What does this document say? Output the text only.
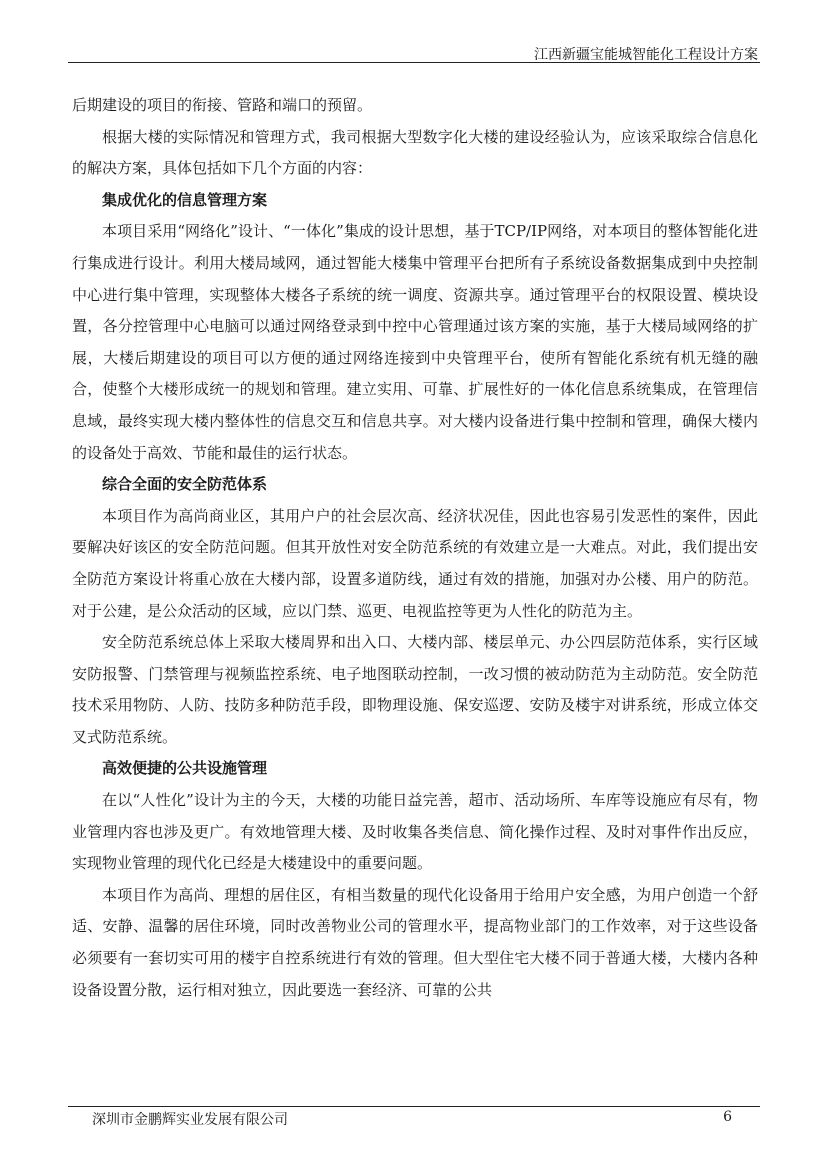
江西新疆宝能城智能化工程设计方案

后期建设的项目的衔接、管路和端口的预留。

根据大楼的实际情况和管理方式，我司根据大型数字化大楼的建设经验认为，应该采取综合信息化的解决方案，具体包括如下几个方面的内容：

集成优化的信息管理方案

本项目采用“网络化”设计、“一体化”集成的设计思想，基于TCP/IP网络，对本项目的整体智能化进行集成进行设计。利用大楼局域网，通过智能大楼集中管理平台把所有子系统设备数据集成到中央控制中心进行集中管理，实现整体大楼各子系统的统一调度、资源共享。通过管理平台的权限设置、模块设置，各分控管理中心电脑可以通过网络登录到中控中心管理通过该方案的实施，基于大楼局域网络的扩展，大楼后期建设的项目可以方便的通过网络连接到中央管理平台，使所有智能化系统有机无缝的融合，使整个大楼形成统一的规划和管理。建立实用、可靠、扩展性好的一体化信息系统集成，在管理信息域，最终实现大楼内整体性的信息交互和信息共享。对大楼内设备进行集中控制和管理，确保大楼内的设备处于高效、节能和最佳的运行状态。

综合全面的安全防范体系

本项目作为高尚商业区，其用户户的社会层次高、经济状况佳，因此也容易引发恶性的案件，因此要解决好该区的安全防范问题。但其开放性对安全防范系统的有效建立是一大难点。对此，我们提出安全防范方案设计将重心放在大楼内部，设置多道防线，通过有效的措施，加强对办公楼、用户的防范。对于公建，是公众活动的区域，应以门禁、巡更、电视监控等更为人性化的防范为主。

安全防范系统总体上采取大楼周界和出入口、大楼内部、楼层单元、办公四层防范体系，实行区域安防报警、门禁管理与视频监控系统、电子地图联动控制，一改习惯的被动防范为主动防范。安全防范技术采用物防、人防、技防多种防范手段，即物理设施、保安巡逻、安防及楼宇对讲系统，形成立体交叉式防范系统。

高效便捷的公共设施管理

在以“人性化”设计为主的今天，大楼的功能日益完善，超市、活动场所、车库等设施应有尽有，物业管理内容也涉及更广。有效地管理大楼、及时收集各类信息、简化操作过程、及时对事件作出反应，实现物业管理的现代化已经是大楼建设中的重要问题。

本项目作为高尚、理想的居住区，有相当数量的现代化设备用于给用户安全感，为用户创造一个舒适、安静、温馨的居住环境，同时改善物业公司的管理水平，提高物业部门的工作效率，对于这些设备必须要有一套切实可用的楼宇自控系统进行有效的管理。但大型住宅大楼不同于普通大楼，大楼内各种设备设置分散，运行相对独立，因此要选一套经济、可靠的公共

深圳市金鹏辉实业发展有限公司	6
